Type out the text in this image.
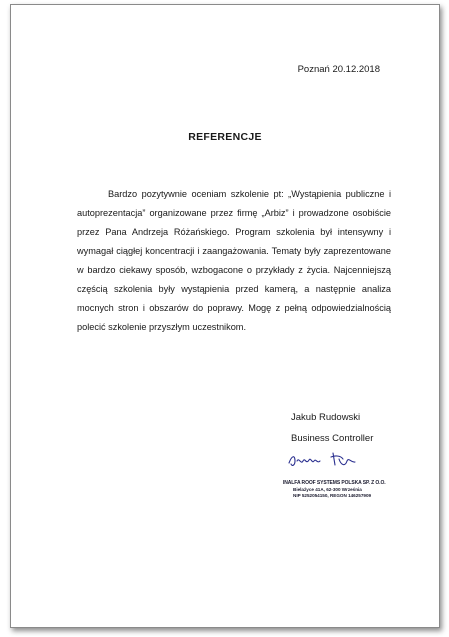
Poznań 20.12.2018
REFERENCJE

Bardzo pozytywnie oceniam szkolenie pt: „Wystąpienia publiczne i autoprezentacja” organizowane przez firmę „Arbiz” i prowadzone osobiście przez Pana Andrzeja Różańskiego. Program szkolenia był intensywny i wymagał ciągłej koncentracji i zaangażowania. Tematy były zaprezentowane w bardzo ciekawy sposób, wzbogacone o przykłady z życia. Najcenniejszą częścią szkolenia były wystąpienia przed kamerą, a następnie analiza mocnych stron i obszarów do poprawy. Mogę z pełną odpowiedzialnością polecić szkolenie przyszłym uczestnikom.

Jakub Rudowski
Business Controller
INALFA ROOF SYSTEMS POLSKA SP. Z O.O.
Bielażyce 41A, 62-300 Września
NIP 5252054150, REGON 146257909
